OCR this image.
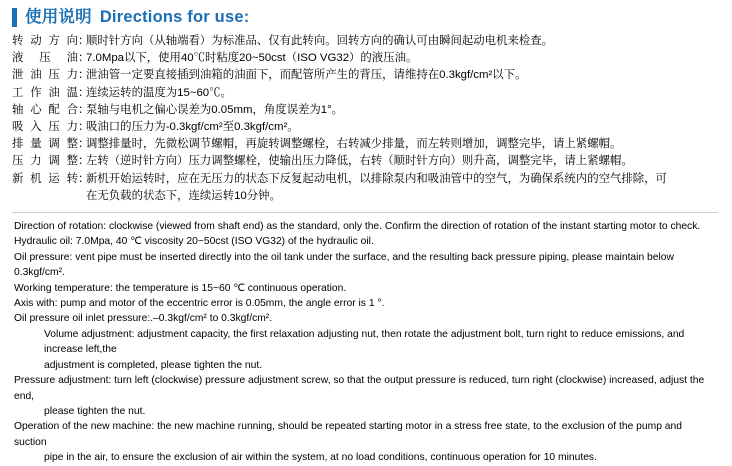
使用说明 Directions for use:
转动方向 ：
顺时针方向（从轴端看）为标准品、仅有此转向。回转方向的确认可由瞬间起动电机来检查。
液压油 ：
7.0Mpa以下，使用40℃时粘度20~50cst（ISO VG32）的液压油。
泄油压力 ：
泄油管一定要直接插到油箱的油面下，而配管所产生的背压，请维持在0.3kgf/cm²以下。
工作油温 ：
连续运转的温度为15~60℃。
轴心配合 ：
泵轴与电机之偏心误差为0.05mm，角度误差为1°。
吸入压力 ：
吸油口的压力为-0.3kgf/cm²至0.3kgf/cm²。
排量调整 ：
调整排量时，先微松调节螺帽，再旋转调整螺栓，右转减少排量，而左转则增加，调整完毕，请上紧螺帽。
压力调整 ：
左转（逆时针方向）压力调整螺栓，使输出压力降低，右转（顺时针方向）则升高，调整完毕，请上紧螺帽。
新机运转 ：
新机开始运转时，应在无压力的状态下反复起动电机，以排除泵内和吸油管中的空气，为确保系统内的空气排除，可
在无负载的状态下，连续运转10分钟。
Direction of rotation: clockwise (viewed from shaft end) as the standard, only the. Confirm the direction of rotation of the instant starting motor to check.
Hydraulic oil: 7.0Mpa, 40 ℃ viscosity 20~50cst (ISO VG32) of the hydraulic oil.
Oil pressure: vent pipe must be inserted directly into the oil tank under the surface, and the resulting back pressure piping, please maintain below 0.3kgf/cm².
Working temperature: the temperature is 15~60 ℃ continuous operation.
Axis with: pump and motor of the eccentric error is 0.05mm, the angle error is 1 °.
Oil pressure oil inlet pressure:.–0.3kgf/cm² to 0.3kgf/cm².
Volume adjustment: adjustment capacity, the first relaxation adjusting nut, then rotate the adjustment bolt, turn right to reduce emissions, and increase left,the
adjustment is completed, please tighten the nut.
Pressure adjustment: turn left (clockwise) pressure adjustment screw, so that the output pressure is reduced, turn right (clockwise) increased, adjust the end,
please tighten the nut.
Operation of the new machine: the new machine running, should be repeated starting motor in a stress free state, to the exclusion of the pump and suction
pipe in the air, to ensure the exclusion of air within the system, at no load conditions, continuous operation for 10 minutes.
